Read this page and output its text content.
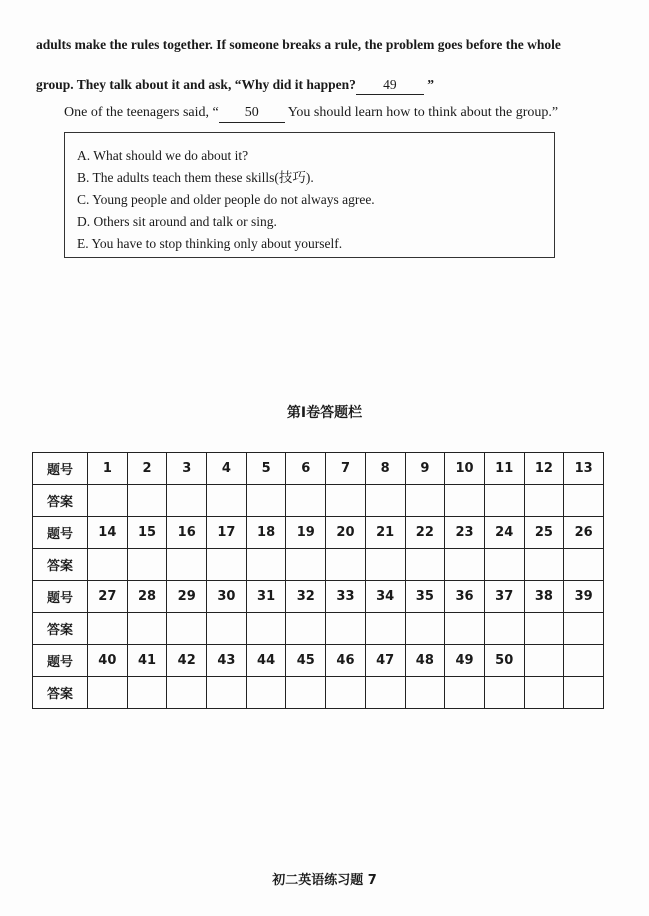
adults make the rules together. If someone breaks a rule, the problem goes before the whole
group. They talk about it and ask, “Why did it happen? 49 ”
One of the teenagers said, “ 50 You should learn how to think about the group.”
A. What should we do about it?
B. The adults teach them these skills(技巧).
C. Young people and older people do not always agree.
D. Others sit around and talk or sing.
E. You have to stop thinking only about yourself.
第Ⅰ卷答题栏
题号	1	2	3	4	5	6	7	8	9	10	11	12	13
答案													
题号	14	15	16	17	18	19	20	21	22	23	24	25	26
答案													
题号	27	28	29	30	31	32	33	34	35	36	37	38	39
答案													
题号	40	41	42	43	44	45	46	47	48	49	50		
答案													
初二英语练习题 7
